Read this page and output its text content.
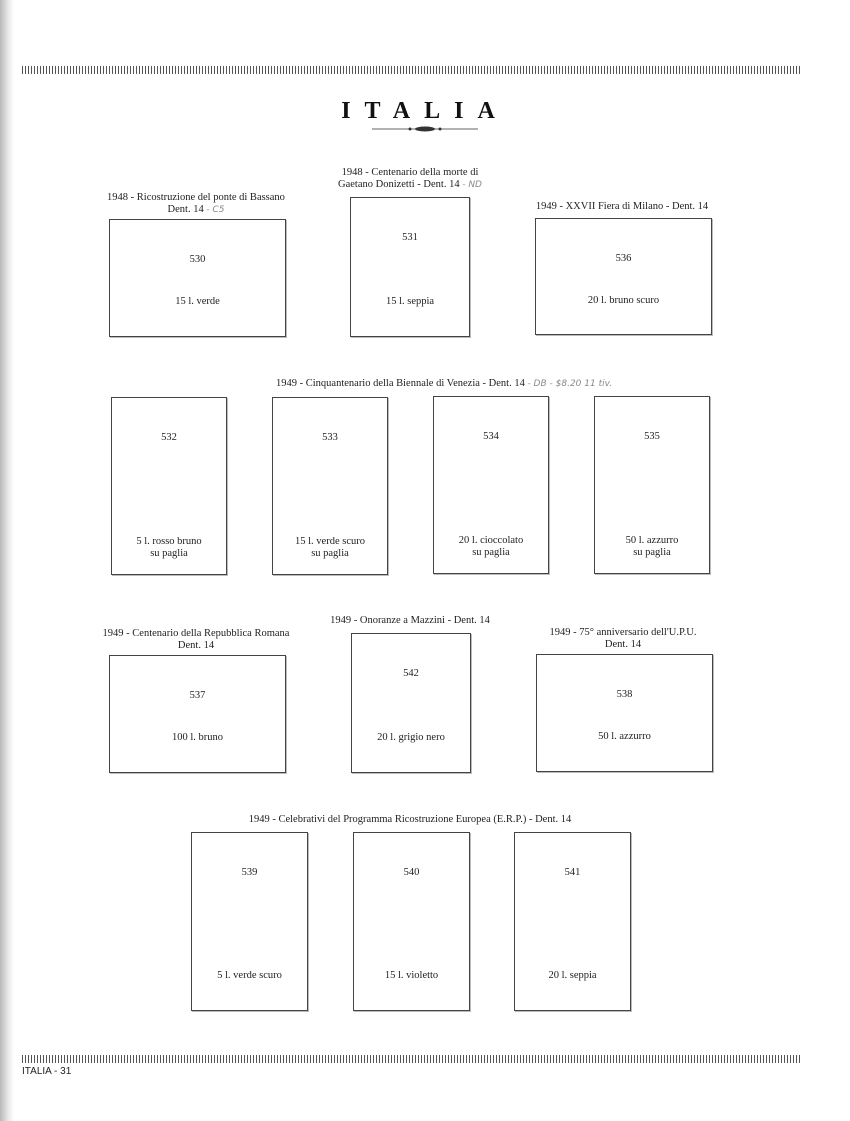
ITALIA
1948 - Ricostruzione del ponte di Bassano
Dent. 14 - C5
530
15 l. verde
1948 - Centenario della morte di
Gaetano Donizetti - Dent. 14 - ND
531
15 l. seppia
1949 - XXVII Fiera di Milano - Dent. 14
536
20 l. bruno scuro
1949 - Cinquantenario della Biennale di Venezia - Dent. 14 - DB - $8.20 11 tiv.
532
5 l. rosso bruno
su paglia
533
15 l. verde scuro
su paglia
534
20 l. cioccolato
su paglia
535
50 l. azzurro
su paglia
1949 - Centenario della Repubblica Romana
Dent. 14
537
100 l. bruno
1949 - Onoranze a Mazzini - Dent. 14
542
20 l. grigio nero
1949 - 75° anniversario dell'U.P.U.
Dent. 14
538
50 l. azzurro
1949 - Celebrativi del Programma Ricostruzione Europea (E.R.P.) - Dent. 14
539
5 l. verde scuro
540
15 l. violetto
541
20 l. seppia
ITALIA - 31
